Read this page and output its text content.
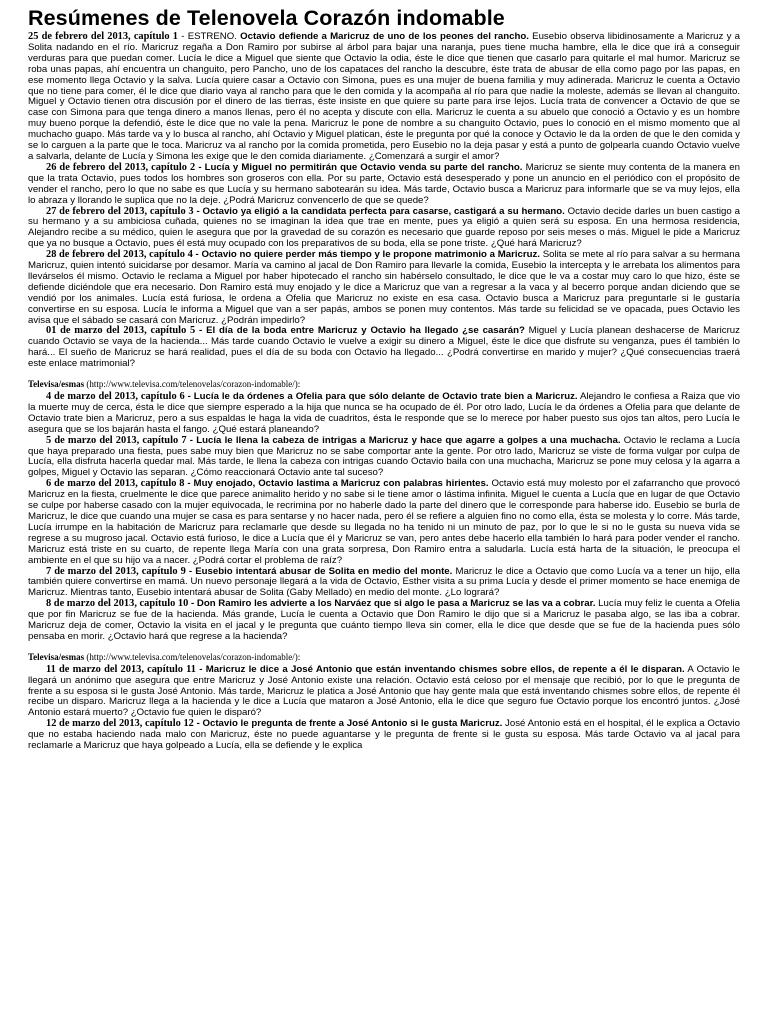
Resúmenes de Telenovela Corazón indomable

25 de febrero del 2013, capítulo 1 - ESTRENO. Octavio defiende a Maricruz de uno de los peones del rancho. Eusebio observa libidinosamente a Maricruz y a Solita nadando en el río. Maricruz regaña a Don Ramiro por subirse al árbol para bajar una naranja, pues tiene mucha hambre, ella le dice que irá a conseguir verduras para que puedan comer. Lucía le dice a Miguel que siente que Octavio la odia, éste le dice que tienen que casarlo para quitarle el mal humor. Maricruz se roba unas papas, ahí encuentra un changuito, pero Pancho, uno de los capataces del rancho la descubre, éste trata de abusar de ella como pago por las papas, en ese momento llega Octavio y la salva. Lucía quiere casar a Octavio con Simona, pues es una mujer de buena familia y muy adinerada. Maricruz le cuenta a Octavio que no tiene para comer, él le dice que diario vaya al rancho para que le den comida y la acompaña al río para que nadie la moleste, además se llevan al changuito. Miguel y Octavio tienen otra discusión por el dinero de las tierras, éste insiste en que quiere su parte para irse lejos. Lucía trata de convencer a Octavio de que se case con Simona para que tenga dinero a manos llenas, pero él no acepta y discute con ella. Maricruz le cuenta a su abuelo que conoció a Octavio y es un hombre muy bueno porque la defendió, éste le dice que no vale la pena. Maricruz le pone de nombre a su changuito Octavio, pues lo conoció en el mismo momento que al muchacho guapo. Más tarde va y lo busca al rancho, ahí Octavio y Miguel platican, éste le pregunta por qué la conoce y Octavio le da la orden de que le den comida y se lo carguen a la parte que le toca. Maricruz va al rancho por la comida prometida, pero Eusebio no la deja pasar y está a punto de golpearla cuando Octavio vuelve a salvarla, delante de Lucía y Simona les exige que le den comida diariamente. ¿Comenzará a surgir el amor?

26 de febrero del 2013, capítulo 2 - Lucía y Miguel no permitirán que Octavio venda su parte del rancho. Maricruz se siente muy contenta de la manera en que la trata Octavio, pues todos los hombres son groseros con ella. Por su parte, Octavio está desesperado y pone un anuncio en el periódico con el propósito de vender el rancho, pero lo que no sabe es que Lucía y su hermano sabotearán su idea. Más tarde, Octavio busca a Maricruz para informarle que se va muy lejos, ella lo abraza y llorando le suplica que no la deje. ¿Podrá Maricruz convencerlo de que se quede?

27 de febrero del 2013, capítulo 3 - Octavio ya eligió a la candidata perfecta para casarse, castigará a su hermano. Octavio decide darles un buen castigo a su hermano y a su ambiciosa cuñada, quienes no se imaginan la idea que trae en mente, pues ya eligió a quien será su esposa. En una hermosa residencia, Alejandro recibe a su médico, quien le asegura que por la gravedad de su corazón es necesario que guarde reposo por seis meses o más. Miguel le pide a Maricruz que ya no busque a Octavio, pues él está muy ocupado con los preparativos de su boda, ella se pone triste. ¿Qué hará Maricruz?

28 de febrero del 2013, capítulo 4 - Octavio no quiere perder más tiempo y le propone matrimonio a Maricruz. Solita se mete al río para salvar a su hermana Maricruz, quien intentó suicidarse por desamor. María va camino al jacal de Don Ramiro para llevarle la comida, Eusebio la intercepta y le arrebata los alimentos para llevárselos él mismo. Octavio le reclama a Miguel por haber hipotecado el rancho sin habérselo consultado, le dice que le va a costar muy caro lo que hizo, éste se defiende diciéndole que era necesario. Don Ramiro está muy enojado y le dice a Maricruz que van a regresar a la vaca y al becerro porque andan diciendo que se vendió por los animales. Lucía está furiosa, le ordena a Ofelia que Maricruz no existe en esa casa. Octavio busca a Maricruz para preguntarle si le gustaría convertirse en su esposa. Lucía le informa a Miguel que van a ser papás, ambos se ponen muy contentos. Más tarde su felicidad se ve opacada, pues Octavio les avisa que el sábado se casará con Maricruz. ¿Podrán impedirlo?

01 de marzo del 2013, capítulo 5 - El día de la boda entre Maricruz y Octavio ha llegado ¿se casarán? Miguel y Lucía planean deshacerse de Maricruz cuando Octavio se vaya de la hacienda... Más tarde cuando Octavio le vuelve a exigir su dinero a Miguel, éste le dice que disfrute su venganza, pues él también lo hará... El sueño de Maricruz se hará realidad, pues el día de su boda con Octavio ha llegado... ¿Podrá convertirse en marido y mujer? ¿Qué consecuencias traerá este enlace matrimonial?

Televisa/esmas (http://www.televisa.com/telenovelas/corazon-indomable/):

4 de marzo del 2013, capítulo 6 - Lucía le da órdenes a Ofelia para que sólo delante de Octavio trate bien a Maricruz. Alejandro le confiesa a Raiza que vio la muerte muy de cerca, ésta le dice que siempre esperado a la hija que nunca se ha ocupado de él. Por otro lado, Lucía le da órdenes a Ofelia para que delante de Octavio trate bien a Maricruz, pero a sus espaldas le haga la vida de cuadritos, ésta le responde que se lo merece por haber puesto sus ojos tan altos, pero Lucía le asegura que se los bajarán hasta el fango. ¿Qué estará planeando?

5 de marzo del 2013, capítulo 7 - Lucía le llena la cabeza de intrigas a Maricruz y hace que agarre a golpes a una muchacha. Octavio le reclama a Lucía que haya preparado una fiesta, pues sabe muy bien que Maricruz no se sabe comportar ante la gente. Por otro lado, Maricruz se viste de forma vulgar por culpa de Lucía, ella disfruta hacerla quedar mal. Más tarde, le llena la cabeza con intrigas cuando Octavio baila con una muchacha, Maricruz se pone muy celosa y la agarra a golpes, Miguel y Octavio las separan. ¿Cómo reaccionará Octavio ante tal suceso?

6 de marzo del 2013, capítulo 8 - Muy enojado, Octavio lastima a Maricruz con palabras hirientes. Octavio está muy molesto por el zafarrancho que provocó Maricruz en la fiesta, cruelmente le dice que parece animalito herido y no sabe si le tiene amor o lástima infinita. Miguel le cuenta a Lucía que en lugar de que Octavio se culpe por haberse casado con la mujer equivocada, le recrimina por no haberle dado la parte del dinero que le corresponde para haberse ido. Eusebio se burla de Maricruz, le dice que cuando una mujer se casa es para sentarse y no hacer nada, pero él se refiere a alguien fino no como ella, ésta se molesta y lo corre. Más tarde, Lucía irrumpe en la habitación de Maricruz para reclamarle que desde su llegada no ha tenido ni un minuto de paz, por lo que le si no le gusta su nueva vida se regrese a su mugroso jacal. Octavio está furioso, le dice a Lucía que él y Maricruz se van, pero antes debe hacerlo ella también lo hará para poder vender el rancho. Maricruz está triste en su cuarto, de repente llega María con una grata sorpresa, Don Ramiro entra a saludarla. Lucía está harta de la situación, le preocupa el ambiente en el que su hijo va a nacer. ¿Podrá cortar el problema de raíz?

7 de marzo del 2013, capítulo 9 - Eusebio intentará abusar de Solita en medio del monte. Maricruz le dice a Octavio que como Lucía va a tener un hijo, ella también quiere convertirse en mamá. Un nuevo personaje llegará a la vida de Octavio, Esther visita a su prima Lucía y desde el primer momento se hace enemiga de Maricruz. Mientras tanto, Eusebio intentará abusar de Solita (Gaby Mellado) en medio del monte. ¿Lo logrará?

8 de marzo del 2013, capítulo 10 - Don Ramiro les advierte a los Narváez que si algo le pasa a Maricruz se las va a cobrar. Lucía muy feliz le cuenta a Ofelia que por fin Maricruz se fue de la hacienda. Más grande, Lucía le cuenta a Octavio que Don Ramiro le dijo que si a Maricruz le pasaba algo, se las iba a cobrar. Maricruz deja de comer, Octavio la visita en el jacal y le pregunta que cuánto tiempo lleva sin comer, ella le dice que desde que se fue de la hacienda pues sólo pensaba en morir. ¿Octavio hará que regrese a la hacienda?

Televisa/esmas (http://www.televisa.com/telenovelas/corazon-indomable/):

11 de marzo del 2013, capítulo 11 - Maricruz le dice a José Antonio que están inventando chismes sobre ellos, de repente a él le disparan. A Octavio le llegará un anónimo que asegura que entre Maricruz y José Antonio existe una relación. Octavio está celoso por el mensaje que recibió, por lo que le pregunta de frente a su esposa si le gusta José Antonio. Más tarde, Maricruz le platica a José Antonio que hay gente mala que está inventando chismes sobre ellos, de repente él recibe un disparo. Maricruz llega a la hacienda y le dice a Lucía que mataron a José Antonio, ella le dice que seguro fue Octavio porque los encontró juntos. ¿José Antonio estará muerto? ¿Octavio fue quien le disparó?

12 de marzo del 2013, capítulo 12 - Octavio le pregunta de frente a José Antonio si le gusta Maricruz. José Antonio está en el hospital, él le explica a Octavio que no estaba haciendo nada malo con Maricruz, éste no puede aguantarse y le pregunta de frente si le gusta su esposa. Más tarde Octavio va al jacal para reclamarle a Maricruz que haya golpeado a Lucía, ella se defiende y le explica
